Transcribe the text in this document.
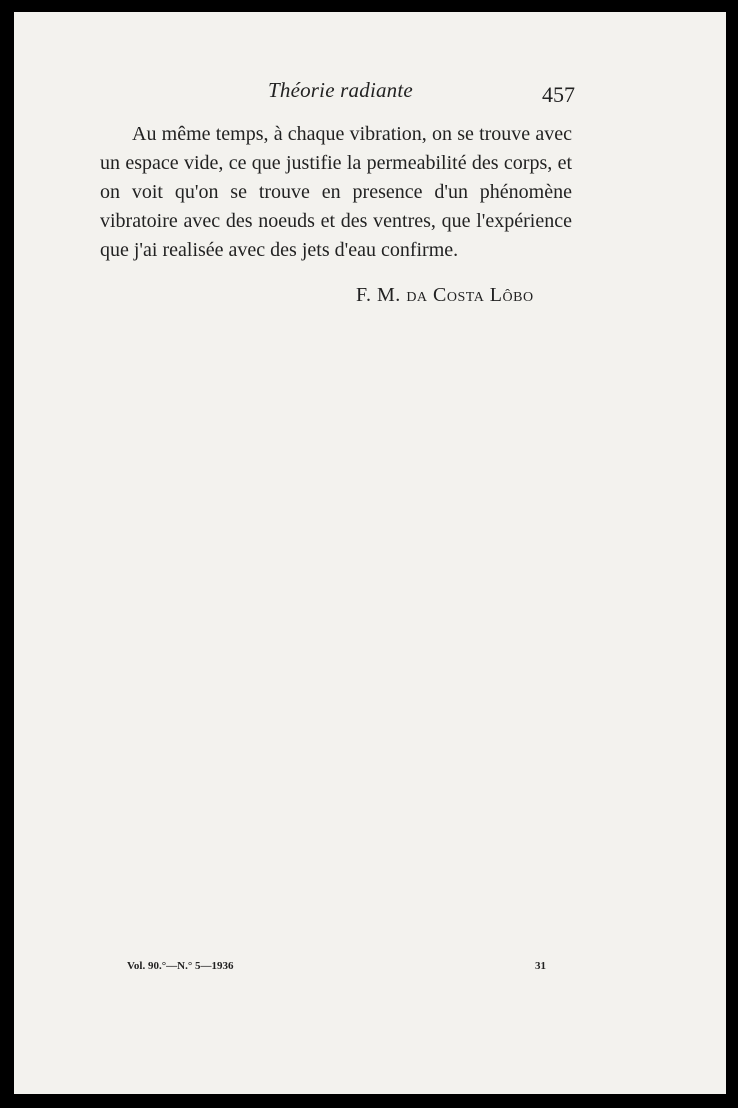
Théorie radiante	457

Au même temps, à chaque vibration, on se trouve avec un espace vide, ce que justifie la permeabilité des corps, et on voit qu'on se trouve en presence d'un phénomène vibratoire avec des noeuds et des ventres, que l'expérience que j'ai realisée avec des jets d'eau confirme.

F. M. da Costa Lôbo
Vol. 90.°—N.° 5—1936	31
